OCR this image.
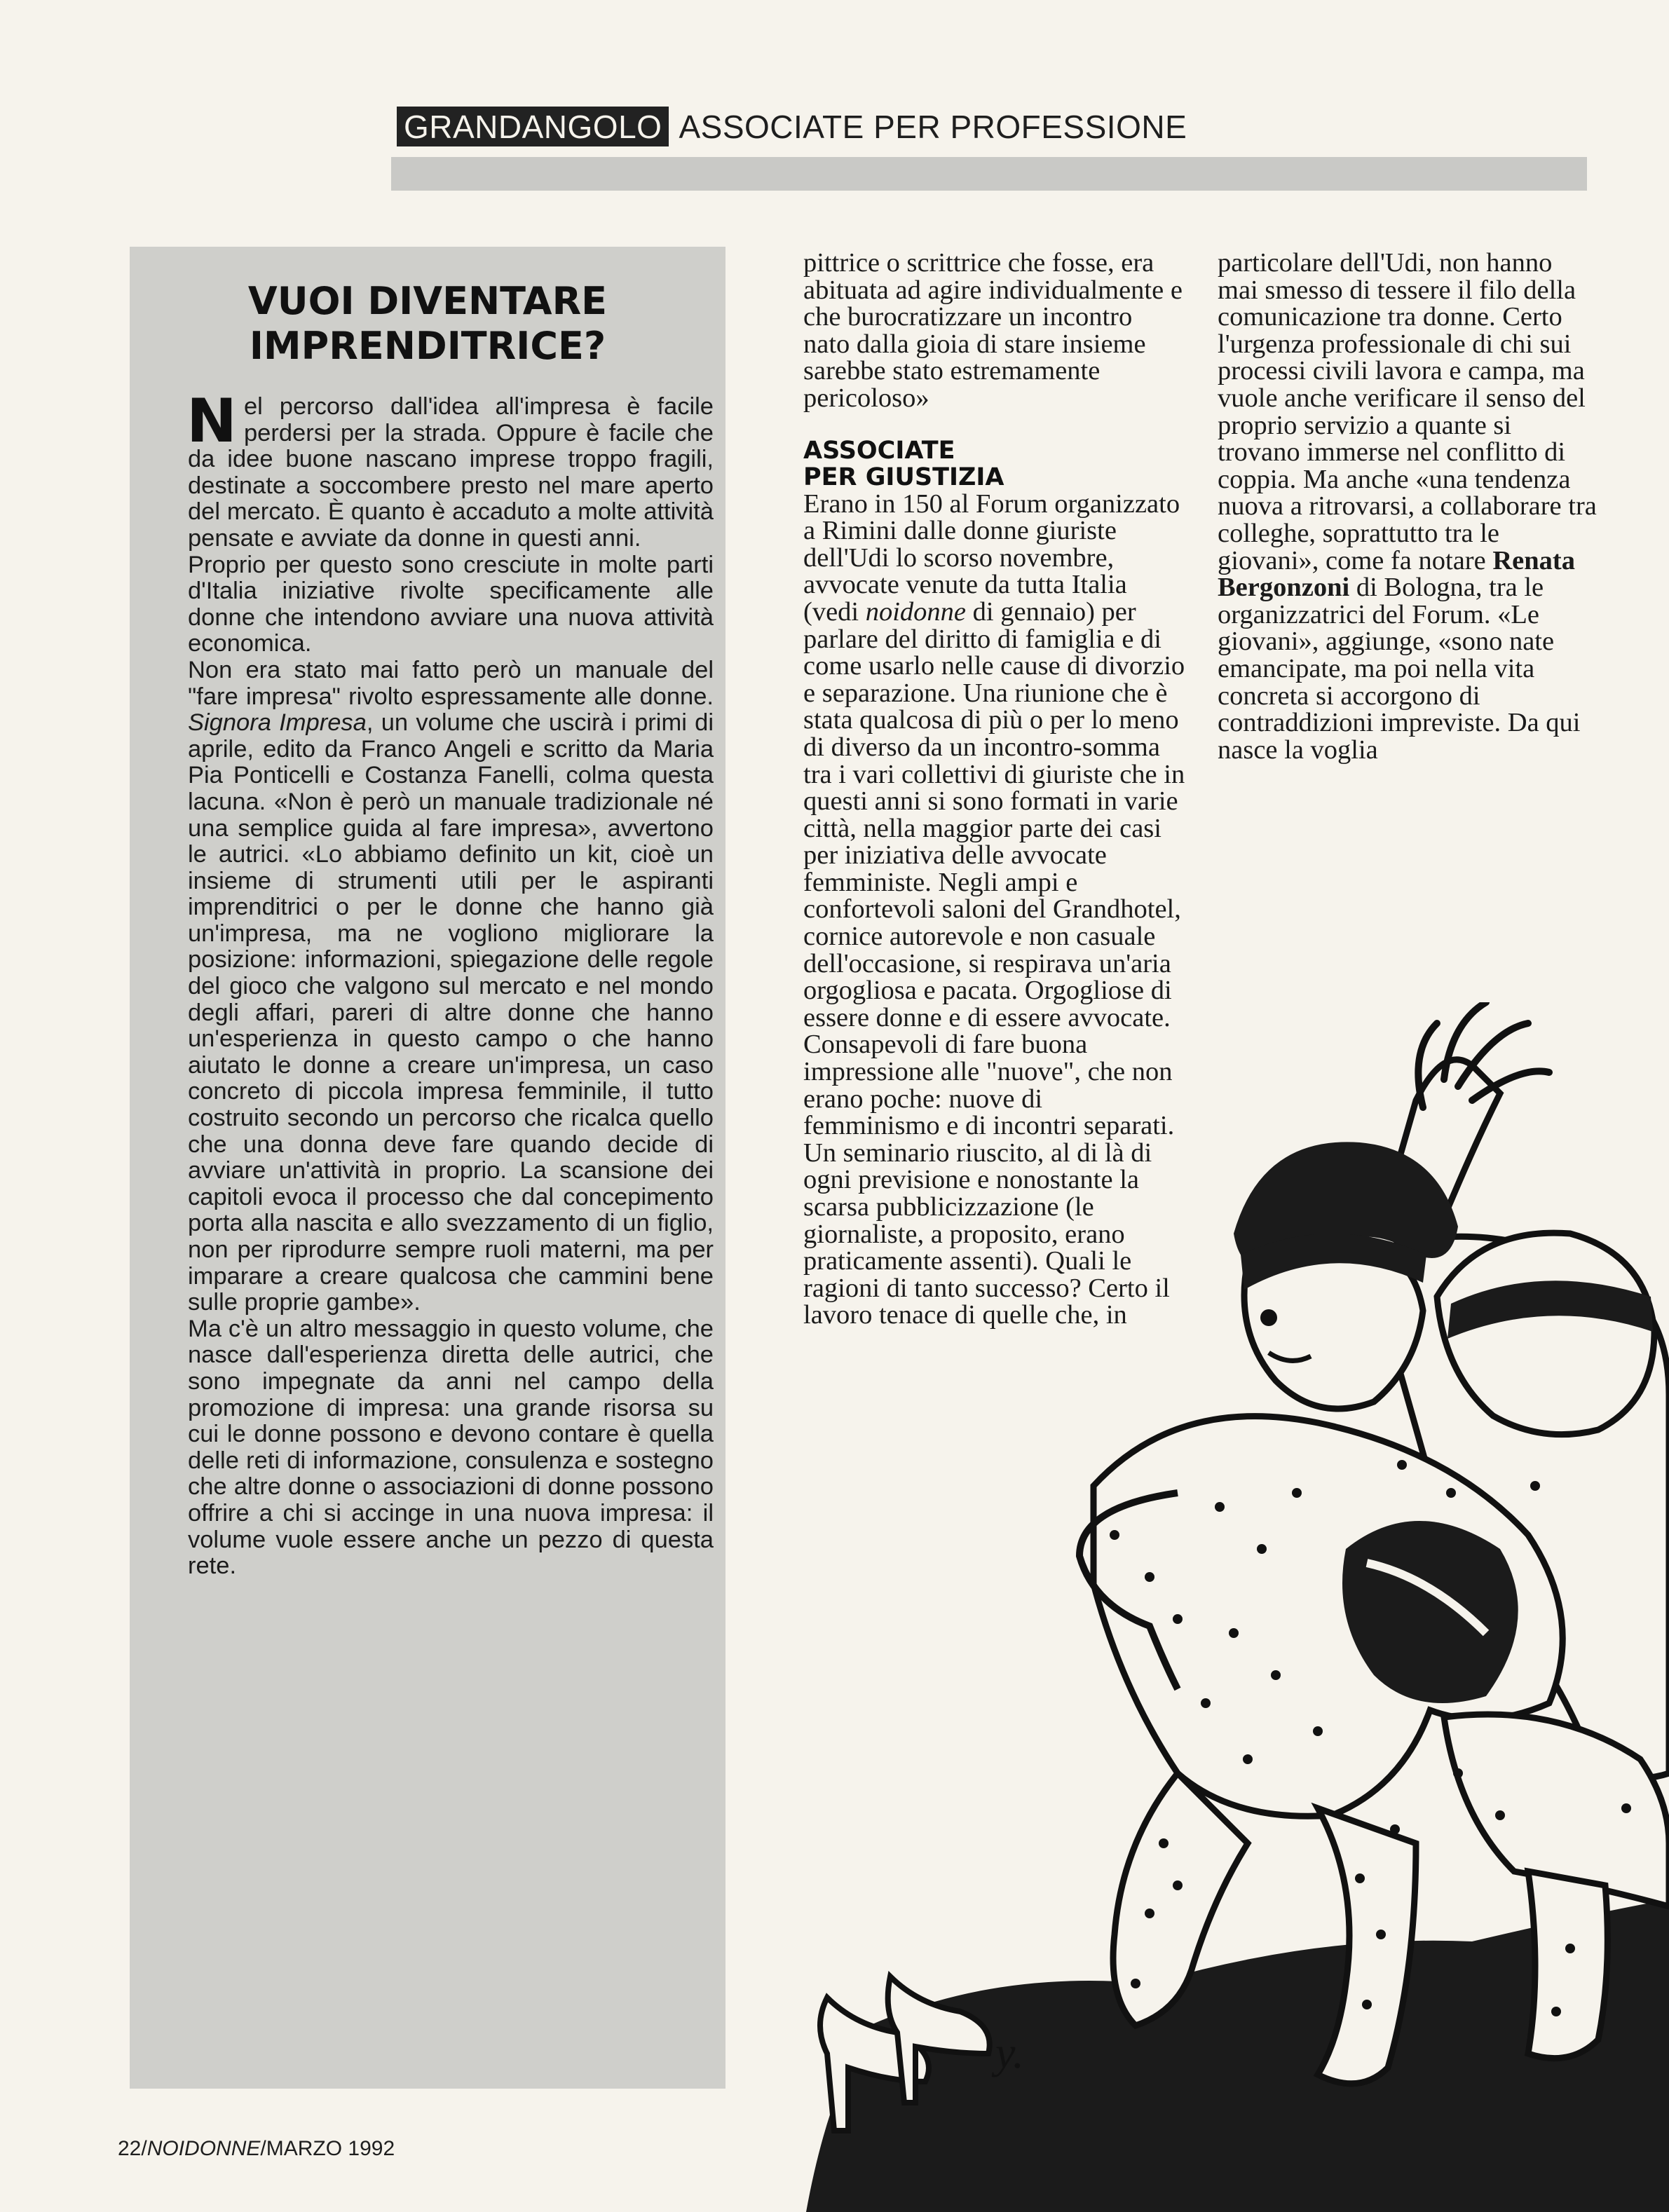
GRANDANGOLO ASSOCIATE PER PROFESSIONE
VUOI DIVENTARE
IMPRENDITRICE?

Nel percorso dall'idea all'impresa è facile perdersi per la strada. Oppure è facile che da idee buone nascano imprese troppo fragili, destinate a soccombere presto nel mare aperto del mercato. È quanto è accaduto a molte attività pensate e avviate da donne in questi anni.

Proprio per questo sono cresciute in molte parti d'Italia iniziative rivolte specificamente alle donne che intendono avviare una nuova attività economica.

Non era stato mai fatto però un manuale del "fare impresa" rivolto espressamente alle donne. Signora Impresa, un volume che uscirà i primi di aprile, edito da Franco Angeli e scritto da Maria Pia Ponticelli e Costanza Fanelli, colma questa lacuna. «Non è però un manuale tradizionale né una semplice guida al fare impresa», avvertono le autrici. «Lo abbiamo definito un kit, cioè un insieme di strumenti utili per le aspiranti imprenditrici o per le donne che hanno già un'impresa, ma ne vogliono migliorare la posizione: informazioni, spiegazione delle regole del gioco che valgono sul mercato e nel mondo degli affari, pareri di altre donne che hanno un'esperienza in questo campo o che hanno aiutato le donne a creare un'impresa, un caso concreto di piccola impresa femminile, il tutto costruito secondo un percorso che ricalca quello che una donna deve fare quando decide di avviare un'attività in proprio. La scansione dei capitoli evoca il processo che dal concepimento porta alla nascita e allo svezzamento di un figlio, non per riprodurre sempre ruoli materni, ma per imparare a creare qualcosa che cammini bene sulle proprie gambe».

Ma c'è un altro messaggio in questo volume, che nasce dall'esperienza diretta delle autrici, che sono impegnate da anni nel campo della promozione di impresa: una grande risorsa su cui le donne possono e devono contare è quella delle reti di informazione, consulenza e sostegno che altre donne o associazioni di donne possono offrire a chi si accinge in una nuova impresa: il volume vuole essere anche un pezzo di questa rete.

pittrice o scrittrice che fosse, era abituata ad agire individualmente e che burocratizzare un incontro nato dalla gioia di stare insieme sarebbe stato estremamente pericoloso»

ASSOCIATE
PER GIUSTIZIA

Erano in 150 al Forum organizzato a Rimini dalle donne giuriste dell'Udi lo scorso novembre, avvocate venute da tutta Italia (vedi noidonne di gennaio) per parlare del diritto di famiglia e di come usarlo nelle cause di divorzio e separazione. Una riunione che è stata qualcosa di più o per lo meno di diverso da un incontro-somma tra i vari collettivi di giuriste che in questi anni si sono formati in varie città, nella maggior parte dei casi per iniziativa delle avvocate femministe. Negli ampi e confortevoli saloni del Grandhotel, cornice autorevole e non casuale dell'occasione, si respirava un'aria orgogliosa e pacata. Orgogliose di essere donne e di essere avvocate. Consapevoli di fare buona impressione alle "nuove", che non erano poche: nuove di femminismo e di incontri separati. Un seminario riuscito, al di là di ogni previsione e nonostante la scarsa pubblicizzazione (le giornaliste, a proposito, erano praticamente assenti). Quali le ragioni di tanto successo? Certo il lavoro tenace di quelle che, in

particolare dell'Udi, non hanno mai smesso di tessere il filo della comunicazione tra donne. Certo l'urgenza professionale di chi sui processi civili lavora e campa, ma vuole anche verificare il senso del proprio servizio a quante si trovano immerse nel conflitto di coppia. Ma anche «una tendenza nuova a ritrovarsi, a collaborare tra colleghe, soprattutto tra le giovani», come fa notare Renata Bergonzoni di Bologna, tra le organizzatrici del Forum. «Le giovani», aggiunge, «sono nate emancipate, ma poi nella vita concreta si accorgono di contraddizioni impreviste. Da qui nasce la voglia

y.
22/NOIDONNE/MARZO 1992
